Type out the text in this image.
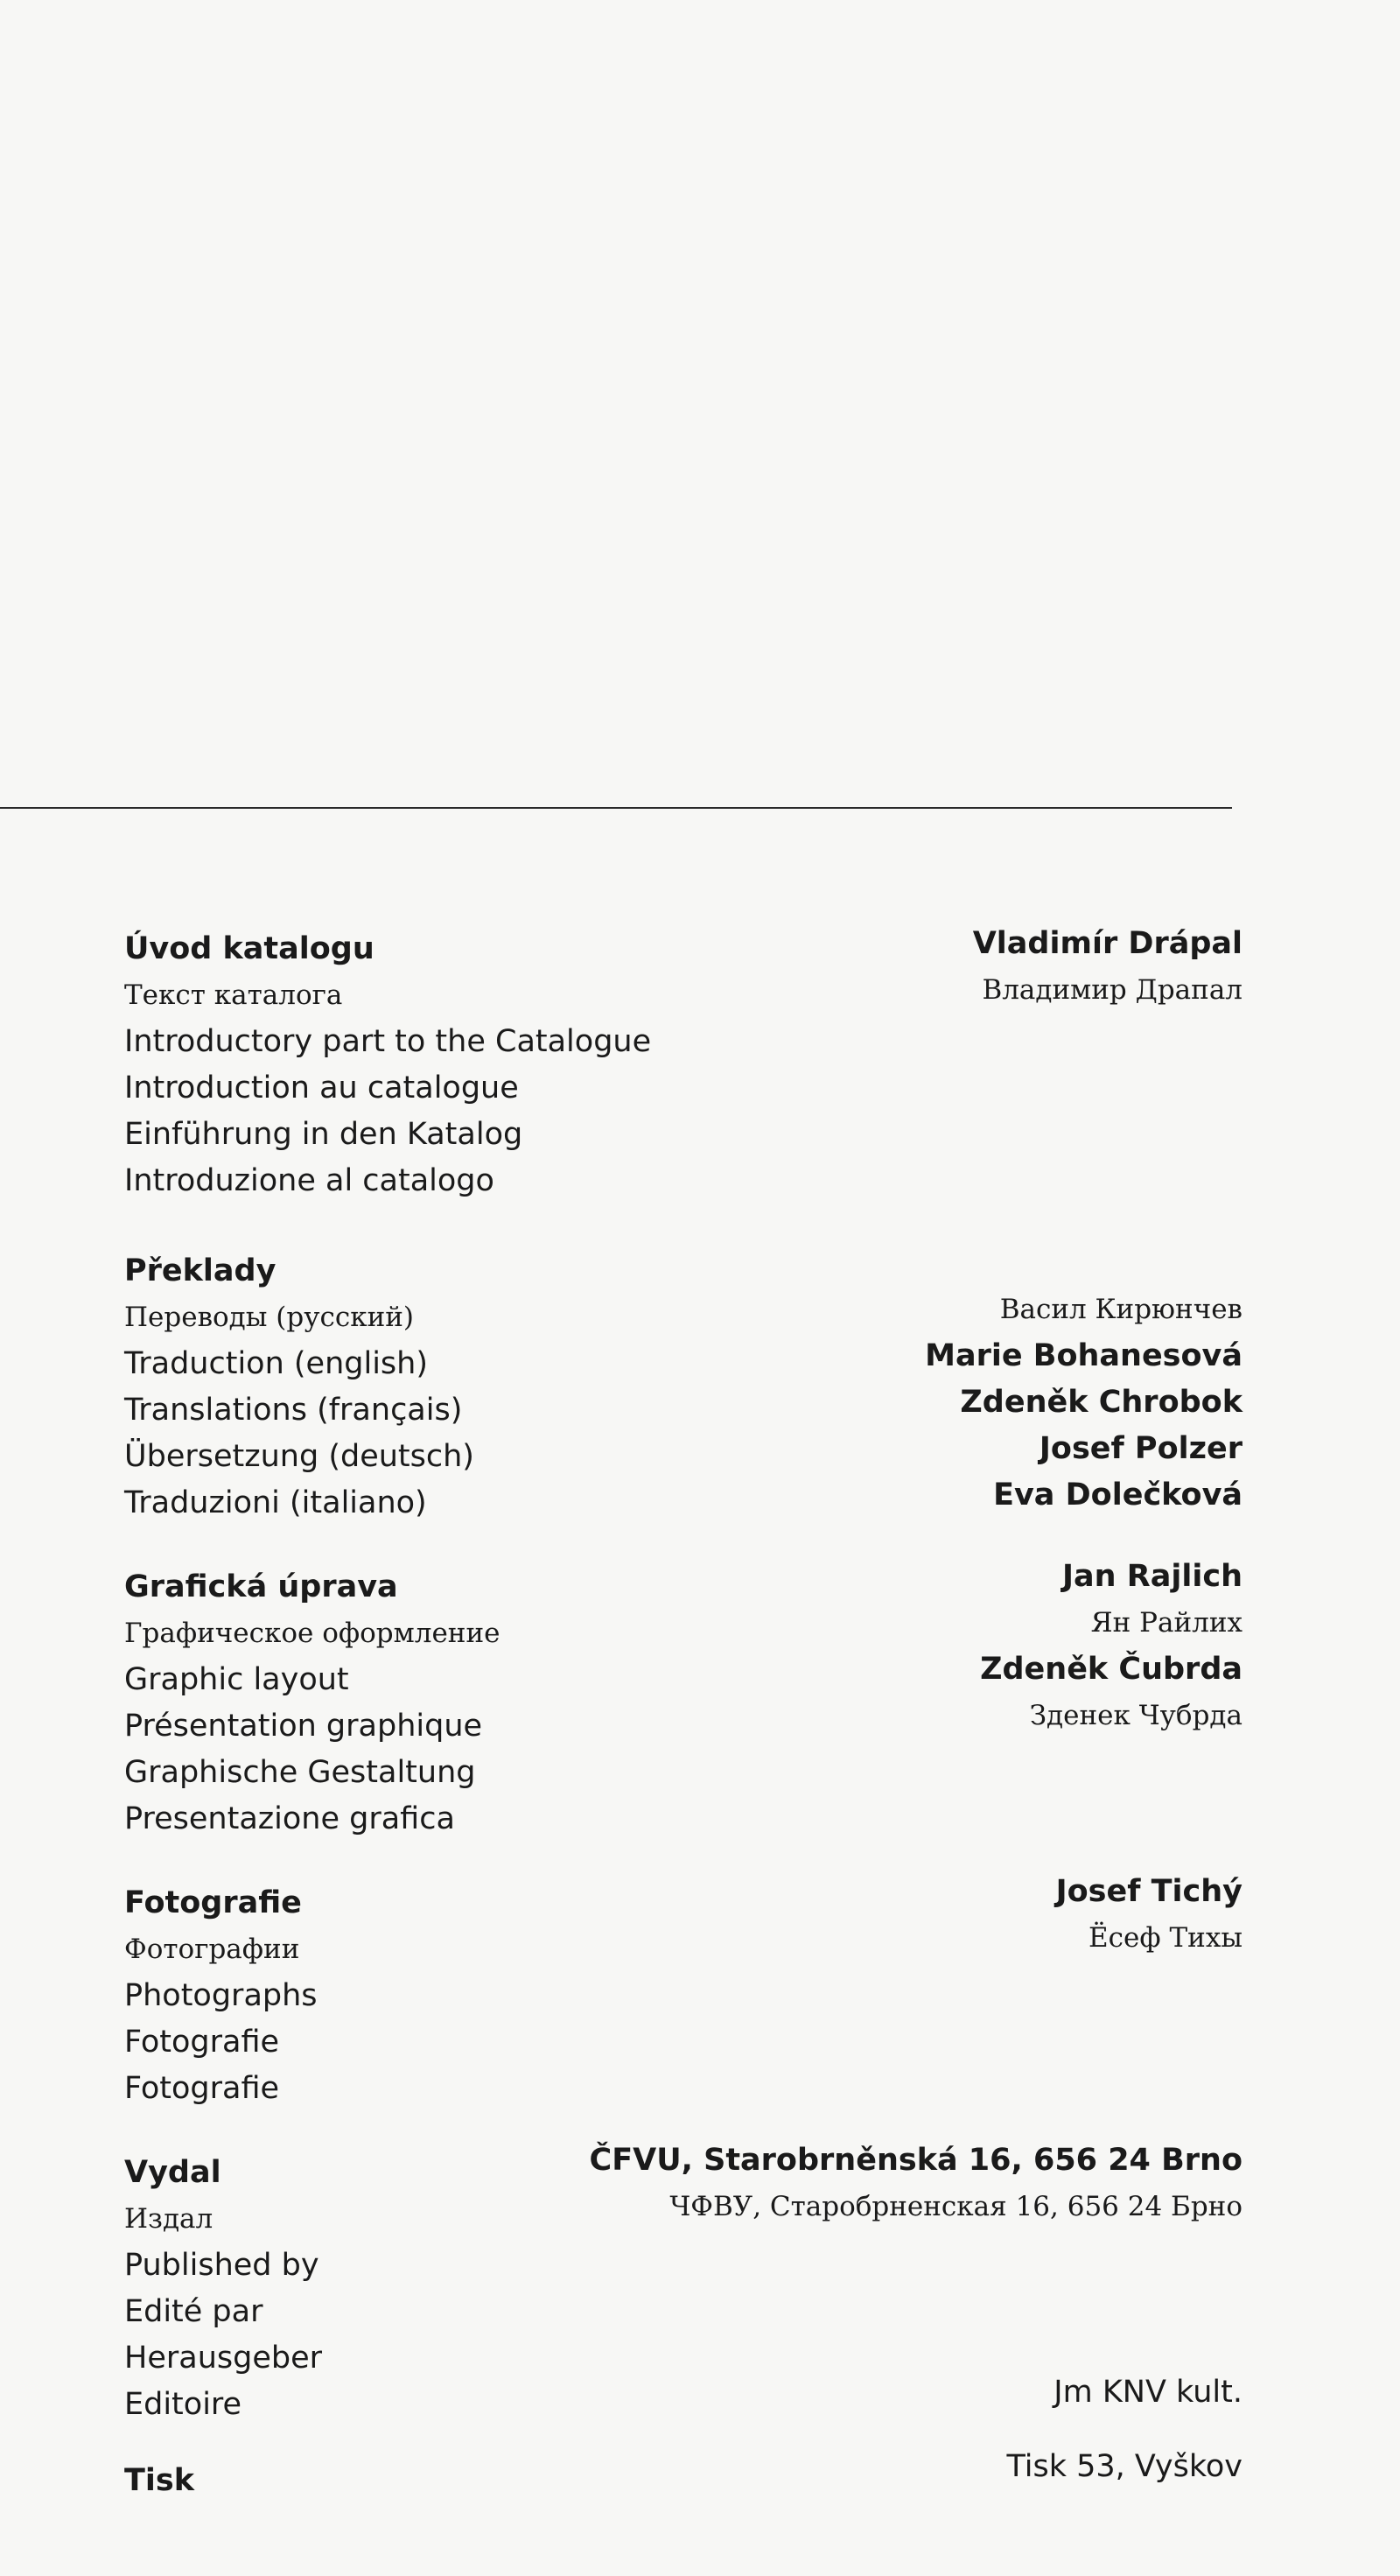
Úvod katalogu
Текст каталога
Introductory part to the Catalogue
Introduction au catalogue
Einführung in den Katalog
Introduzione al catalogo
Vladimír Drápal
Владимир Драпал
Překlady
Переводы (русский)
Traduction (english)
Translations (français)
Übersetzung (deutsch)
Traduzioni (italiano)
Васил Кирюнчев
Marie Bohanesová
Zdeněk Chrobok
Josef Polzer
Eva Dolečková
Grafická úprava
Графическое оформление
Graphic layout
Présentation graphique
Graphische Gestaltung
Presentazione grafica
Jan Rajlich
Ян Райлих
Zdeněk Čubrda
Зденек Чубрда
Fotografie
Фотографии
Photographs
Fotografie
Fotografie
Josef Tichý
Ёсеф Тихы
Vydal
Издал
Published by
Edité par
Herausgeber
Editoire
ČFVU, Starobrněnská 16, 656 24 Brno
ЧФВУ, Старобрненская 16, 656 24 Брно
Tisk
Jm KNV kult.
Tisk 53, Vyškov
